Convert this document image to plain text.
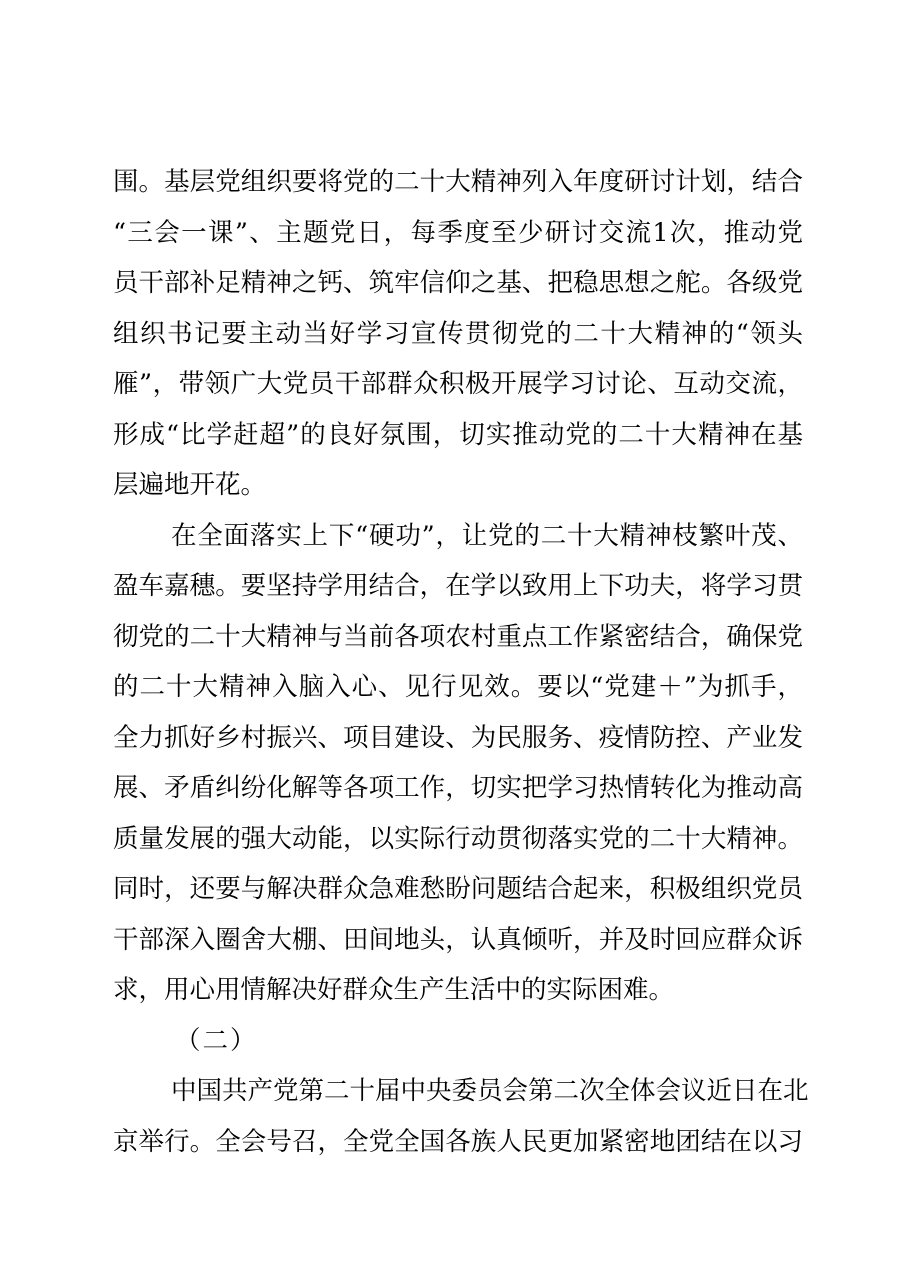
围。基层党组织要将党的二十大精神列入年度研讨计划，结合
“三会一课”、主题党日，每季度至少研讨交流1次，推动党
员干部补足精神之钙、筑牢信仰之基、把稳思想之舵。各级党
组织书记要主动当好学习宣传贯彻党的二十大精神的“领头
雁”，带领广大党员干部群众积极开展学习讨论、互动交流，
形成“比学赶超”的良好氛围，切实推动党的二十大精神在基
层遍地开花。
在全面落实上下“硬功”，让党的二十大精神枝繁叶茂、
盈车嘉穗。要坚持学用结合，在学以致用上下功夫，将学习贯
彻党的二十大精神与当前各项农村重点工作紧密结合，确保党
的二十大精神入脑入心、见行见效。要以“党建＋”为抓手，
全力抓好乡村振兴、项目建设、为民服务、疫情防控、产业发
展、矛盾纠纷化解等各项工作，切实把学习热情转化为推动高
质量发展的强大动能，以实际行动贯彻落实党的二十大精神。
同时，还要与解决群众急难愁盼问题结合起来，积极组织党员
干部深入圈舍大棚、田间地头，认真倾听，并及时回应群众诉
求，用心用情解决好群众生产生活中的实际困难。
（二）
中国共产党第二十届中央委员会第二次全体会议近日在北
京举行。全会号召，全党全国各族人民更加紧密地团结在以习
